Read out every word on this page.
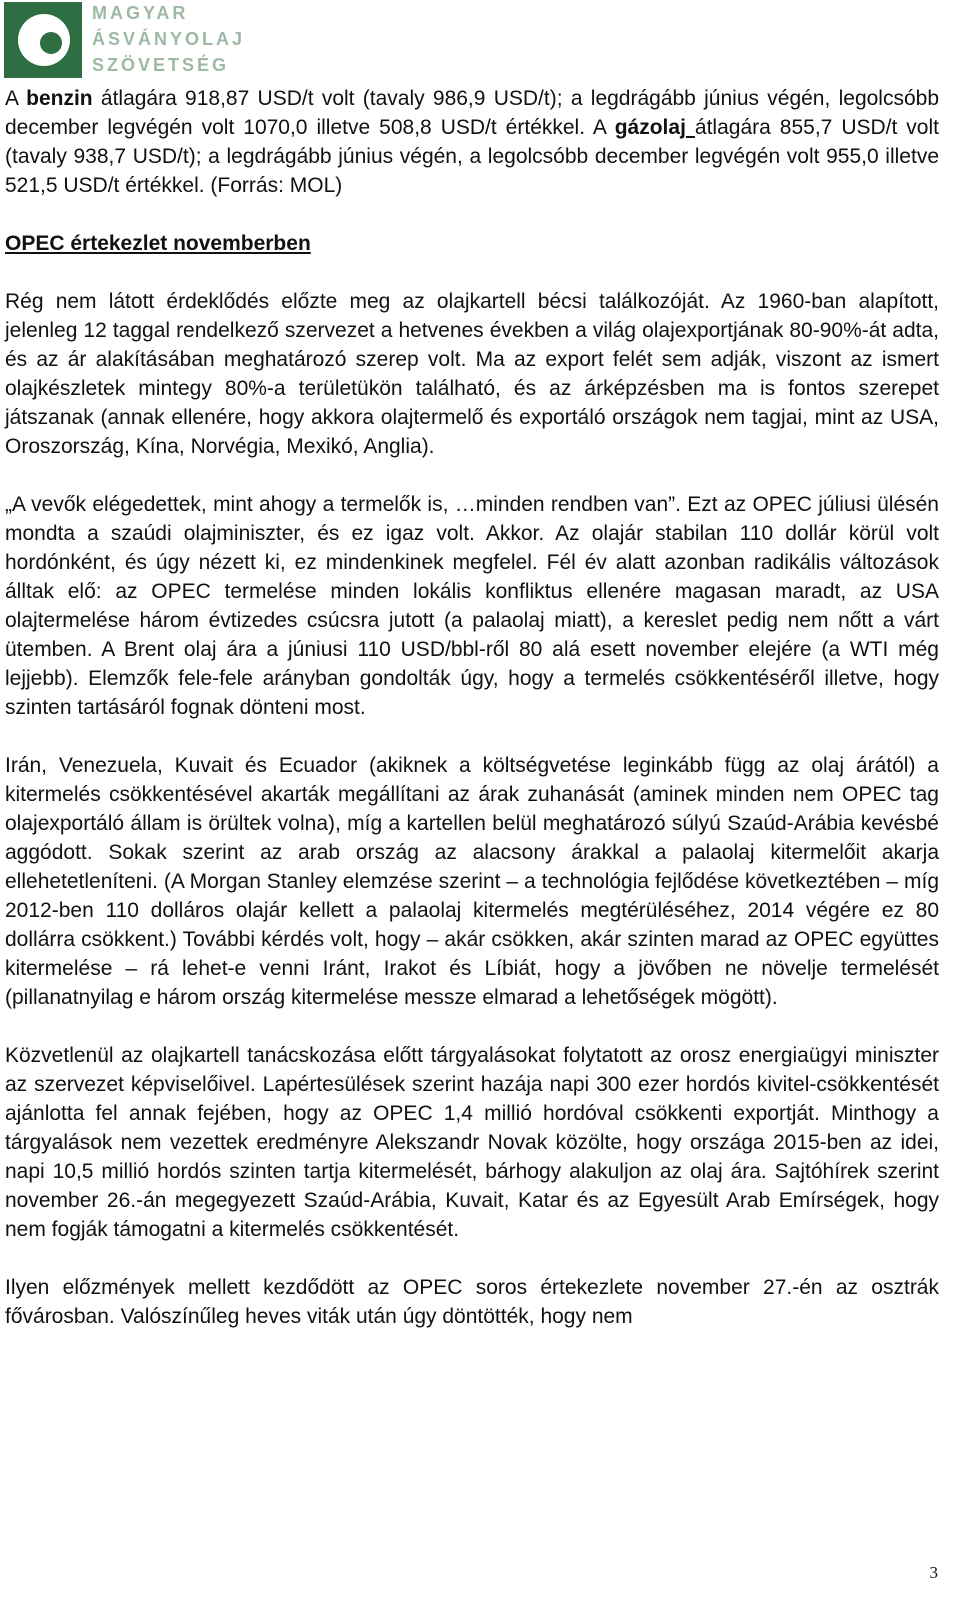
MAGYAR
ÁSVÁNYOLAJ
SZÖVETSÉG

A benzin átlagára 918,87 USD/t volt (tavaly 986,9 USD/t); a legdrágább június végén, legolcsóbb december legvégén volt 1070,0 illetve 508,8 USD/t értékkel. A gázolaj átlagára 855,7 USD/t volt (tavaly 938,7 USD/t); a legdrágább június végén, a legolcsóbb december legvégén volt 955,0 illetve 521,5 USD/t értékkel. (Forrás: MOL)

OPEC értekezlet novemberben

Rég nem látott érdeklődés előzte meg az olajkartell bécsi találkozóját. Az 1960-ban alapított, jelenleg 12 taggal rendelkező szervezet a hetvenes években a világ olajexportjának 80-90%-át adta, és az ár alakításában meghatározó szerep volt. Ma az export felét sem adják, viszont az ismert olajkészletek mintegy 80%-a területükön található, és az árképzésben ma is fontos szerepet játszanak (annak ellenére, hogy akkora olajtermelő és exportáló országok nem tagjai, mint az USA, Oroszország, Kína, Norvégia, Mexikó, Anglia).

„A vevők elégedettek, mint ahogy a termelők is, …minden rendben van”. Ezt az OPEC júliusi ülésén mondta a szaúdi olajminiszter, és ez igaz volt. Akkor. Az olajár stabilan 110 dollár körül volt hordónként, és úgy nézett ki, ez mindenkinek megfelel. Fél év alatt azonban radikális változások álltak elő: az OPEC termelése minden lokális konfliktus ellenére magasan maradt, az USA olajtermelése három évtizedes csúcsra jutott (a palaolaj miatt), a kereslet pedig nem nőtt a várt ütemben. A Brent olaj ára a júniusi 110 USD/bbl-ről 80 alá esett november elejére (a WTI még lejjebb). Elemzők fele-fele arányban gondolták úgy, hogy a termelés csökkentéséről illetve, hogy szinten tartásáról fognak dönteni most.

Irán, Venezuela, Kuvait és Ecuador (akiknek a költségvetése leginkább függ az olaj árától) a kitermelés csökkentésével akarták megállítani az árak zuhanását (aminek minden nem OPEC tag olajexportáló állam is örültek volna), míg a kartellen belül meghatározó súlyú Szaúd-Arábia kevésbé aggódott. Sokak szerint az arab ország az alacsony árakkal a palaolaj kitermelőit akarja ellehetetleníteni. (A Morgan Stanley elemzése szerint – a technológia fejlődése következtében – míg 2012-ben 110 dolláros olajár kellett a palaolaj kitermelés megtérüléséhez, 2014 végére ez 80 dollárra csökkent.) További kérdés volt, hogy – akár csökken, akár szinten marad az OPEC együttes kitermelése – rá lehet-e venni Iránt, Irakot és Líbiát, hogy a jövőben ne növelje termelését (pillanatnyilag e három ország kitermelése messze elmarad a lehetőségek mögött).

Közvetlenül az olajkartell tanácskozása előtt tárgyalásokat folytatott az orosz energiaügyi miniszter az szervezet képviselőivel. Lapértesülések szerint hazája napi 300 ezer hordós kivitel-csökkentését ajánlotta fel annak fejében, hogy az OPEC 1,4 millió hordóval csökkenti exportját. Minthogy a tárgyalások nem vezettek eredményre Alekszandr Novak közölte, hogy országa 2015-ben az idei, napi 10,5 millió hordós szinten tartja kitermelését, bárhogy alakuljon az olaj ára. Sajtóhírek szerint november 26.-án megegyezett Szaúd-Arábia, Kuvait, Katar és az Egyesült Arab Emírségek, hogy nem fogják támogatni a kitermelés csökkentését.

Ilyen előzmények mellett kezdődött az OPEC soros értekezlete november 27.-én az osztrák fővárosban. Valószínűleg heves viták után úgy döntötték, hogy nem

3
